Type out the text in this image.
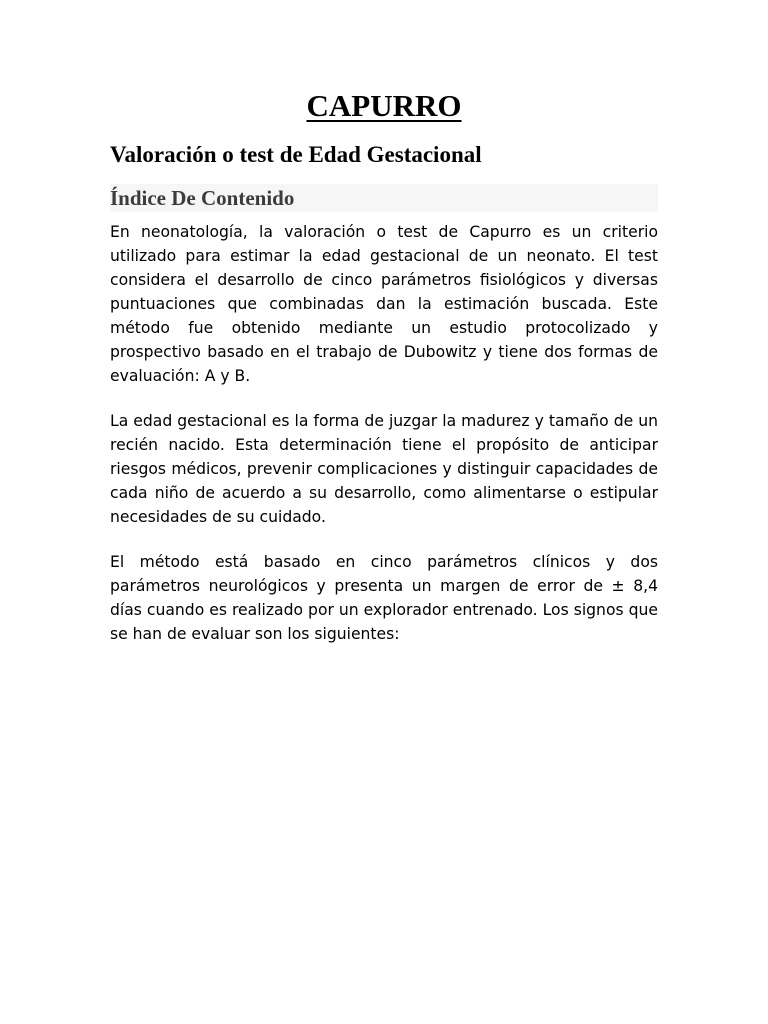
CAPURRO
Valoración o test de Edad Gestacional
Índice De Contenido

En neonatología, la valoración o test de Capurro es un criterio utilizado para estimar la edad gestacional de un neonato. El test considera el desarrollo de cinco parámetros fisiológicos y diversas puntuaciones que combinadas dan la estimación buscada. Este método fue obtenido mediante un estudio protocolizado y prospectivo basado en el trabajo de Dubowitz y tiene dos formas de evaluación: A y B.

La edad gestacional es la forma de juzgar la madurez y tamaño de un recién nacido. Esta determinación tiene el propósito de anticipar riesgos médicos, prevenir complicaciones y distinguir capacidades de cada niño de acuerdo a su desarrollo, como alimentarse o estipular necesidades de su cuidado.

El método está basado en cinco parámetros clínicos y dos parámetros neurológicos y presenta un margen de error de ± 8,4 días cuando es realizado por un explorador entrenado. Los signos que se han de evaluar son los siguientes:
